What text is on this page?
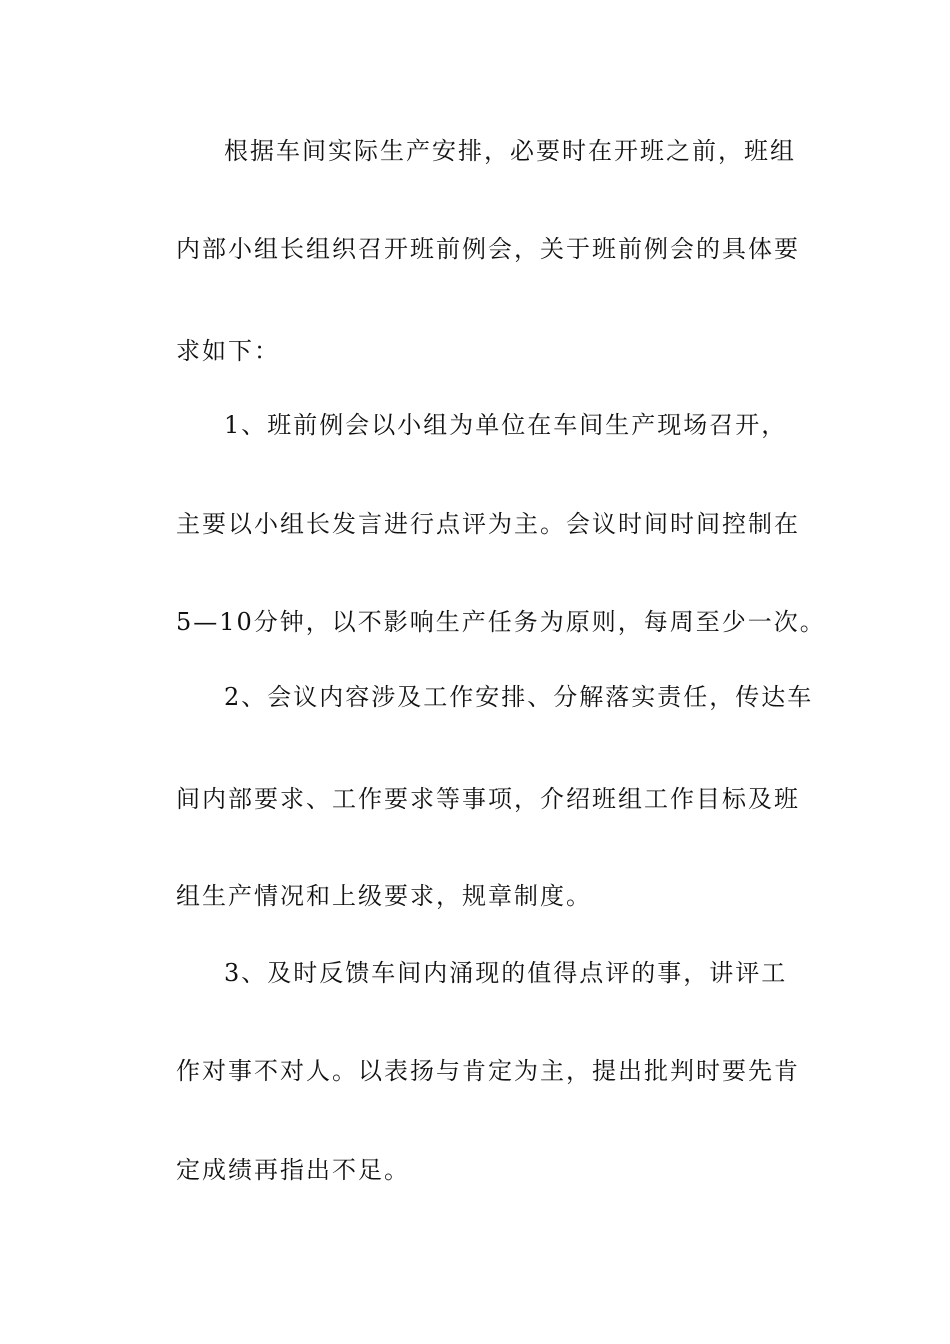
根据车间实际生产安排，必要时在开班之前，班组
内部小组长组织召开班前例会，关于班前例会的具体要
求如下：
1、班前例会以小组为单位在车间生产现场召开，
主要以小组长发言进行点评为主。会议时间时间控制在
5—10分钟，以不影响生产任务为原则，每周至少一次。
2、会议内容涉及工作安排、分解落实责任，传达车
间内部要求、工作要求等事项，介绍班组工作目标及班
组生产情况和上级要求，规章制度。
3、及时反馈车间内涌现的值得点评的事，讲评工
作对事不对人。以表扬与肯定为主，提出批判时要先肯
定成绩再指出不足。
